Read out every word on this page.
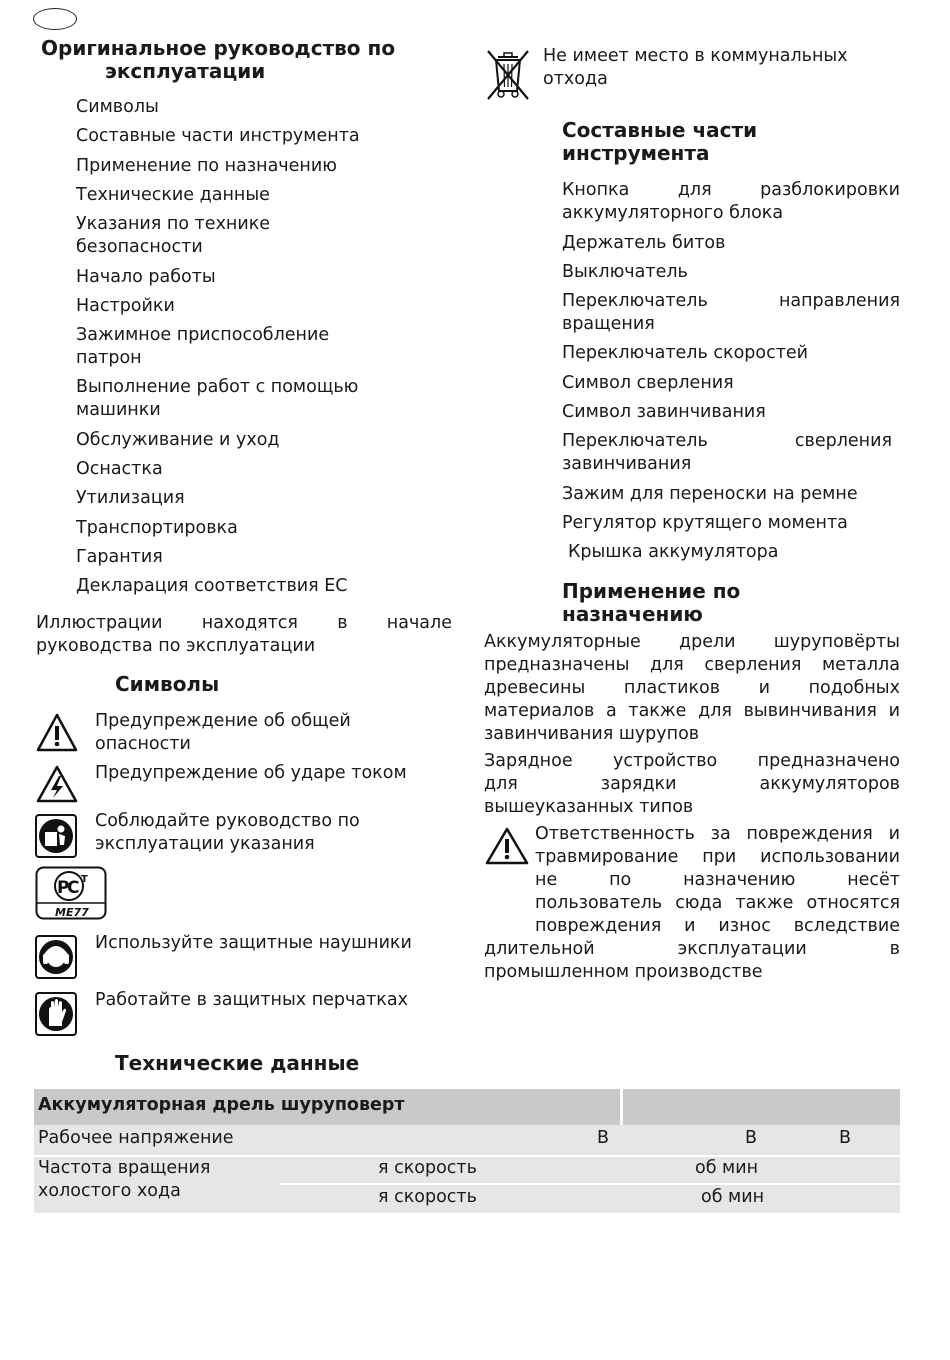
Оригинальное руководство по
эксплуатации
Символы
Составные части инструмента
Применение по назначению
Технические данные
Указания по технике
безопасности
Начало работы
Настройки
Зажимное приспособление
патрон
Выполнение работ с помощью
машинки
Обслуживание и уход
Оснастка
Утилизация
Транспортировка
Гарантия
Декларация соответствия ЕС
Иллюстрации находятся в начале
руководства по эксплуатации
Символы
Предупреждение об общей
опасности
Предупреждение об ударе током
Соблюдайте руководство по
эксплуатации указания
Р
С Т
МЕ77
Используйте защитные наушники
Работайте в защитных перчатках
Технические данные
Не имеет место в коммунальных
отхода
Составные части
инструмента
Кнопка	для	разблокировки
аккумуляторного блока
Держатель битов
Выключатель
Переключатель	направления
вращения
Переключатель скоростей
Символ сверления
Символ завинчивания
Переключатель	сверления
завинчивания
Зажим для переноски на ремне
Регулятор крутящего момента
Крышка аккумулятора
Применение по
назначению
Аккумуляторные дрели шуруповёрты
предназначены для сверления металла
древесины пластиков и подобных
материалов а также для вывинчивания и
завинчивания шурупов
Зарядное устройство предназначено
для	зарядки	аккумуляторов
вышеуказанных типов
Ответственность за повреждения и
травмирование при использовании
не	по	назначению	несёт
пользователь сюда также относятся
повреждения и износ вследствие
длительной	эксплуатации	в
промышленном производстве
Аккумуляторная дрель шуруповерт
Рабочее напряжение	В	В	В
Частота вращения
холостого хода
я скорость	об мин
я скорость	об мин
